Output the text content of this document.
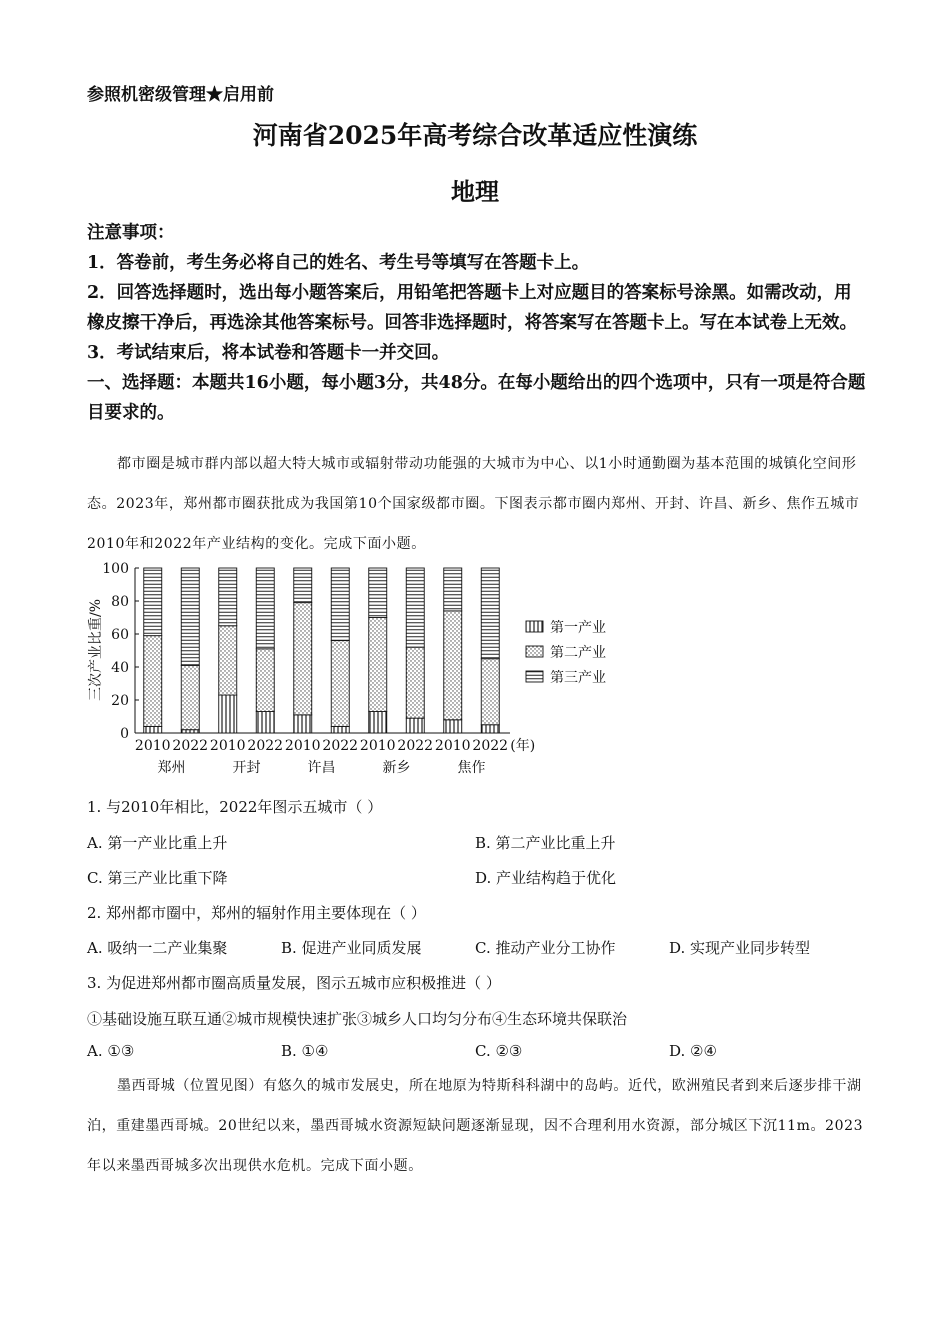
参照机密级管理★启用前
河南省2025年高考综合改革适应性演练
地理
注意事项：
1．答卷前，考生务必将自己的姓名、考生号等填写在答题卡上。
2．回答选择题时，选出每小题答案后，用铅笔把答题卡上对应题目的答案标号涂黑。如需改动，用橡皮擦干净后，再选涂其他答案标号。回答非选择题时，将答案写在答题卡上。写在本试卷上无效。
3．考试结束后，将本试卷和答题卡一并交回。
一、选择题：本题共16小题，每小题3分，共48分。在每小题给出的四个选项中，只有一项是符合题目要求的。
都市圈是城市群内部以超大特大城市或辐射带动功能强的大城市为中心、以1小时通勤圈为基本范围的城镇化空间形态。2023年，郑州都市圈获批成为我国第10个国家级都市圈。下图表示都市圈内郑州、开封、许昌、新乡、焦作五城市2010年和2022年产业结构的变化。完成下面小题。
0
20
40
60
80
100
三次产业比重/%
2010 2022 2010 2022 2010 2022 2010 2022 2010 2022 (年)
郑州	开封	许昌	新乡	焦作
第一产业
第二产业
第三产业
1. 与2010年相比，2022年图示五城市（ ）
A. 第一产业比重上升	B. 第二产业比重上升
C. 第三产业比重下降	D. 产业结构趋于优化
2. 郑州都市圈中，郑州的辐射作用主要体现在（ ）
A. 吸纳一二产业集聚	B. 促进产业同质发展	C. 推动产业分工协作	D. 实现产业同步转型
3. 为促进郑州都市圈高质量发展，图示五城市应积极推进（ ）
①基础设施互联互通②城市规模快速扩张③城乡人口均匀分布④生态环境共保联治
A. ①③	B. ①④	C. ②③	D. ②④
墨西哥城（位置见图）有悠久的城市发展史，所在地原为特斯科科湖中的岛屿。近代，欧洲殖民者到来后逐步排干湖泊，重建墨西哥城。20世纪以来，墨西哥城水资源短缺问题逐渐显现，因不合理利用水资源，部分城区下沉11m。2023年以来墨西哥城多次出现供水危机。完成下面小题。
